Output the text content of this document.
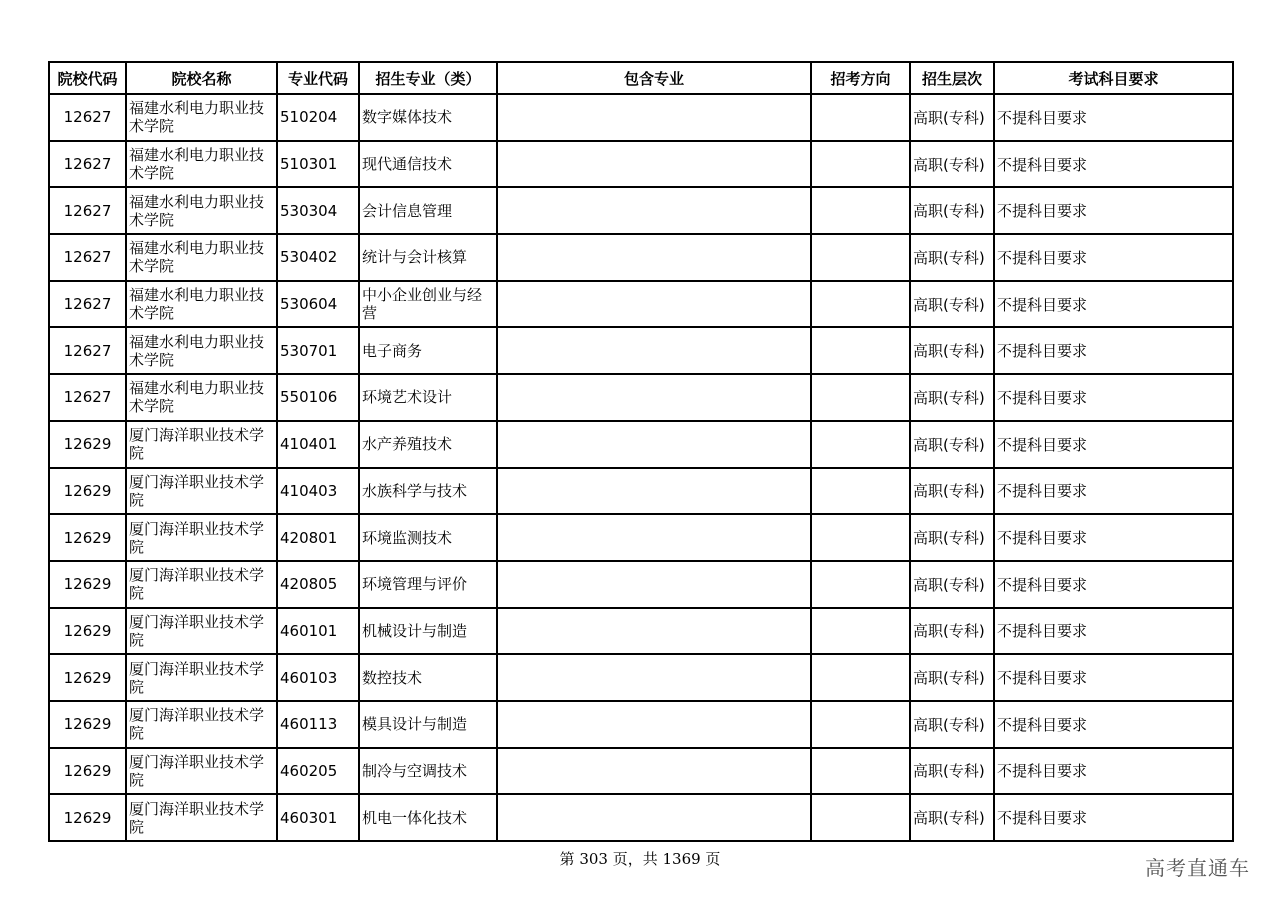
院校代码	院校名称	专业代码	招生专业（类）	包含专业	招考方向	招生层次	考试科目要求
12627	福建水利电力职业技术学院	510204	数字媒体技术			高职(专科)	不提科目要求
12627	福建水利电力职业技术学院	510301	现代通信技术			高职(专科)	不提科目要求
12627	福建水利电力职业技术学院	530304	会计信息管理			高职(专科)	不提科目要求
12627	福建水利电力职业技术学院	530402	统计与会计核算			高职(专科)	不提科目要求
12627	福建水利电力职业技术学院	530604	中小企业创业与经营			高职(专科)	不提科目要求
12627	福建水利电力职业技术学院	530701	电子商务			高职(专科)	不提科目要求
12627	福建水利电力职业技术学院	550106	环境艺术设计			高职(专科)	不提科目要求
12629	厦门海洋职业技术学院	410401	水产养殖技术			高职(专科)	不提科目要求
12629	厦门海洋职业技术学院	410403	水族科学与技术			高职(专科)	不提科目要求
12629	厦门海洋职业技术学院	420801	环境监测技术			高职(专科)	不提科目要求
12629	厦门海洋职业技术学院	420805	环境管理与评价			高职(专科)	不提科目要求
12629	厦门海洋职业技术学院	460101	机械设计与制造			高职(专科)	不提科目要求
12629	厦门海洋职业技术学院	460103	数控技术			高职(专科)	不提科目要求
12629	厦门海洋职业技术学院	460113	模具设计与制造			高职(专科)	不提科目要求
12629	厦门海洋职业技术学院	460205	制冷与空调技术			高职(专科)	不提科目要求
12629	厦门海洋职业技术学院	460301	机电一体化技术			高职(专科)	不提科目要求
第 303 页，共 1369 页	高考直通车
